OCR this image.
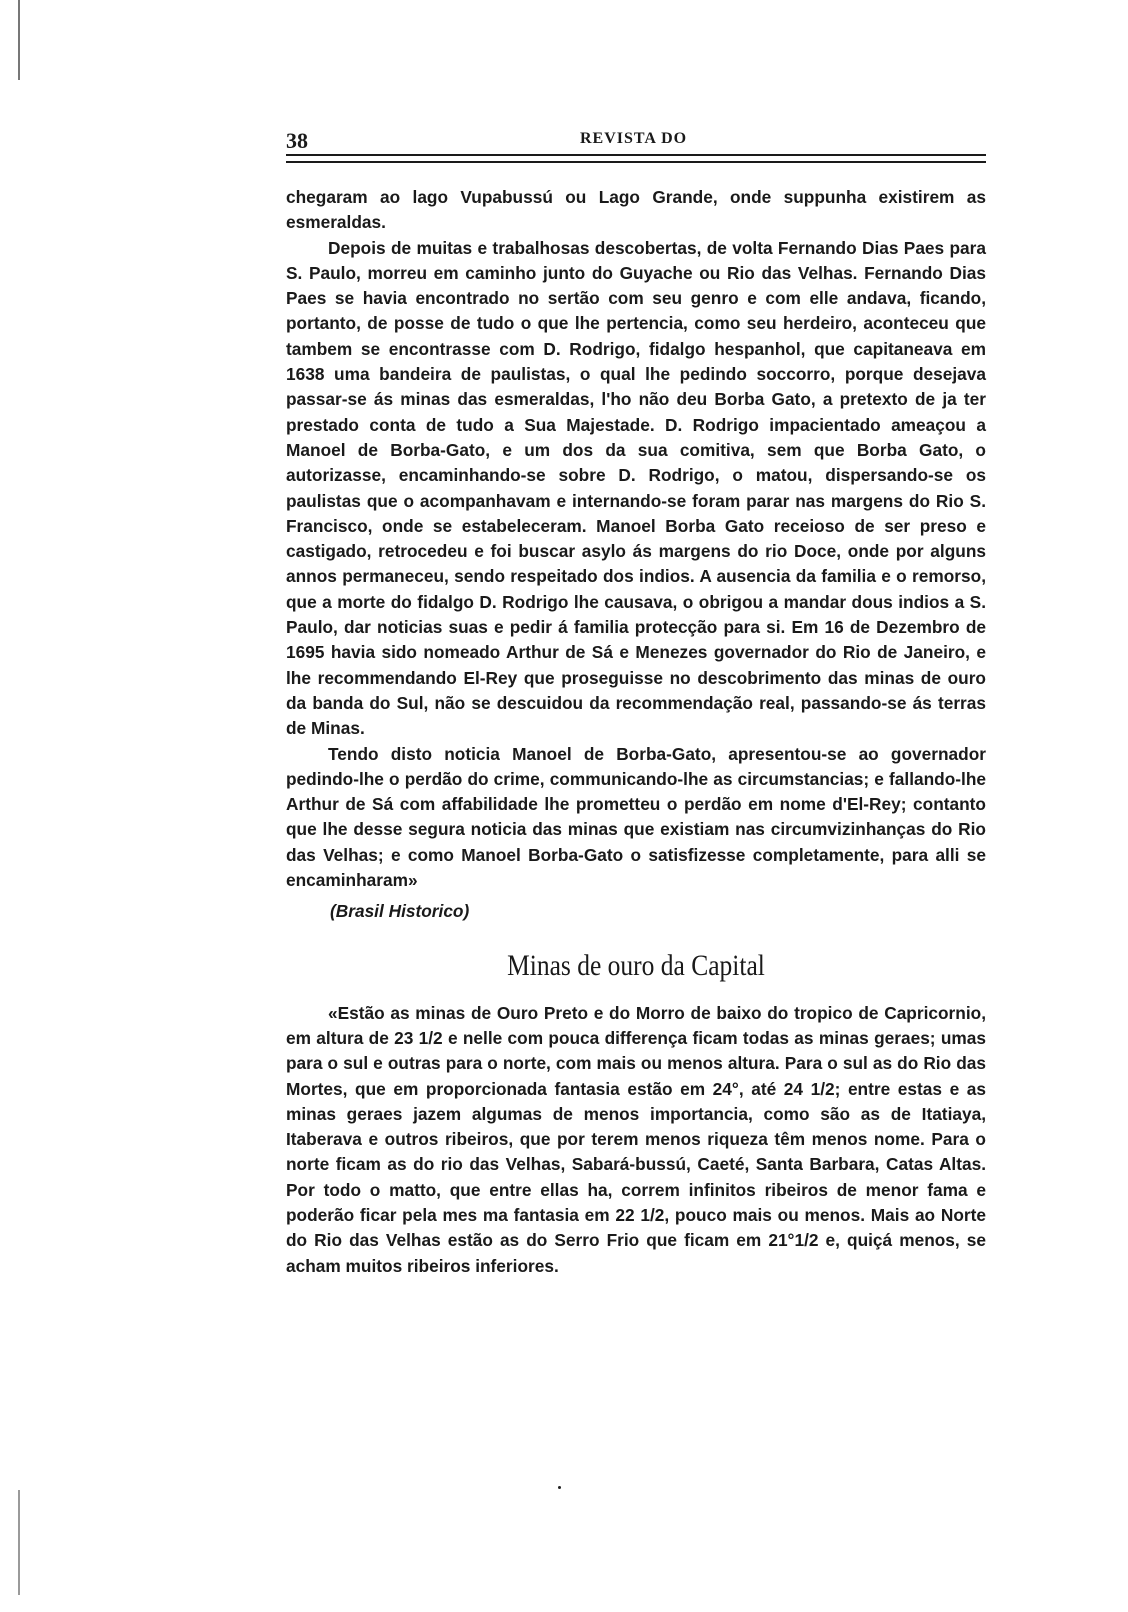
38	REVISTA DO

chegaram ao lago Vupabussú ou Lago Grande, onde suppunha existirem as esmeraldas.

Depois de muitas e trabalhosas descobertas, de volta Fernando Dias Paes para S. Paulo, morreu em caminho junto do Guyache ou Rio das Velhas. Fernando Dias Paes se havia encontrado no sertão com seu genro e com elle andava, ficando, portanto, de posse de tudo o que lhe pertencia, como seu herdeiro, aconteceu que tambem se encontrasse com D. Rodrigo, fidalgo hespanhol, que capitaneava em 1638 uma bandeira de paulistas, o qual lhe pedindo soccorro, porque desejava passar-se ás minas das esmeraldas, l'ho não deu Borba Gato, a pretexto de ja ter prestado conta de tudo a Sua Majestade. D. Rodrigo impacientado ameaçou a Manoel de Borba-Gato, e um dos da sua comitiva, sem que Borba Gato, o autorizasse, encaminhando-se sobre D. Rodrigo, o matou, dispersando-se os paulistas que o acompanhavam e internando-se foram parar nas margens do Rio S. Francisco, onde se estabeleceram. Manoel Borba Gato receioso de ser preso e castigado, retrocedeu e foi buscar asylo ás margens do rio Doce, onde por alguns annos permaneceu, sendo respeitado dos indios. A ausencia da familia e o remorso, que a morte do fidalgo D. Rodrigo lhe causava, o obrigou a mandar dous indios a S. Paulo, dar noticias suas e pedir á familia protecção para si. Em 16 de Dezembro de 1695 havia sido nomeado Arthur de Sá e Menezes governador do Rio de Janeiro, e lhe recommendando El-Rey que proseguisse no descobrimento das minas de ouro da banda do Sul, não se descuidou da recommendação real, passando-se ás terras de Minas.

Tendo disto noticia Manoel de Borba-Gato, apresentou-se ao governador pedindo-lhe o perdão do crime, communicando-lhe as circumstancias; e fallando-lhe Arthur de Sá com affabilidade lhe prometteu o perdão em nome d'El-Rey; contanto que lhe desse segura noticia das minas que existiam nas circumvizinhanças do Rio das Velhas; e como Manoel Borba-Gato o satisfizesse completamente, para alli se encaminharam»

(Brasil Historico)

Minas de ouro da Capital

«Estão as minas de Ouro Preto e do Morro de baixo do tropico de Capricornio, em altura de 23 1/2 e nelle com pouca differença ficam todas as minas geraes; umas para o sul e outras para o norte, com mais ou menos altura. Para o sul as do Rio das Mortes, que em proporcionada fantasia estão em 24°, até 24 1/2; entre estas e as minas geraes jazem algumas de menos importancia, como são as de Itatiaya, Itaberava e outros ribeiros, que por terem menos riqueza têm menos nome. Para o norte ficam as do rio das Velhas, Sabará-bussú, Caeté, Santa Barbara, Catas Altas. Por todo o matto, que entre ellas ha, correm infinitos ribeiros de menor fama e poderão ficar pela mes ma fantasia em 22 1/2, pouco mais ou menos. Mais ao Norte do Rio das Velhas estão as do Serro Frio que ficam em 21°1/2 e, quiçá menos, se acham muitos ribeiros inferiores.
